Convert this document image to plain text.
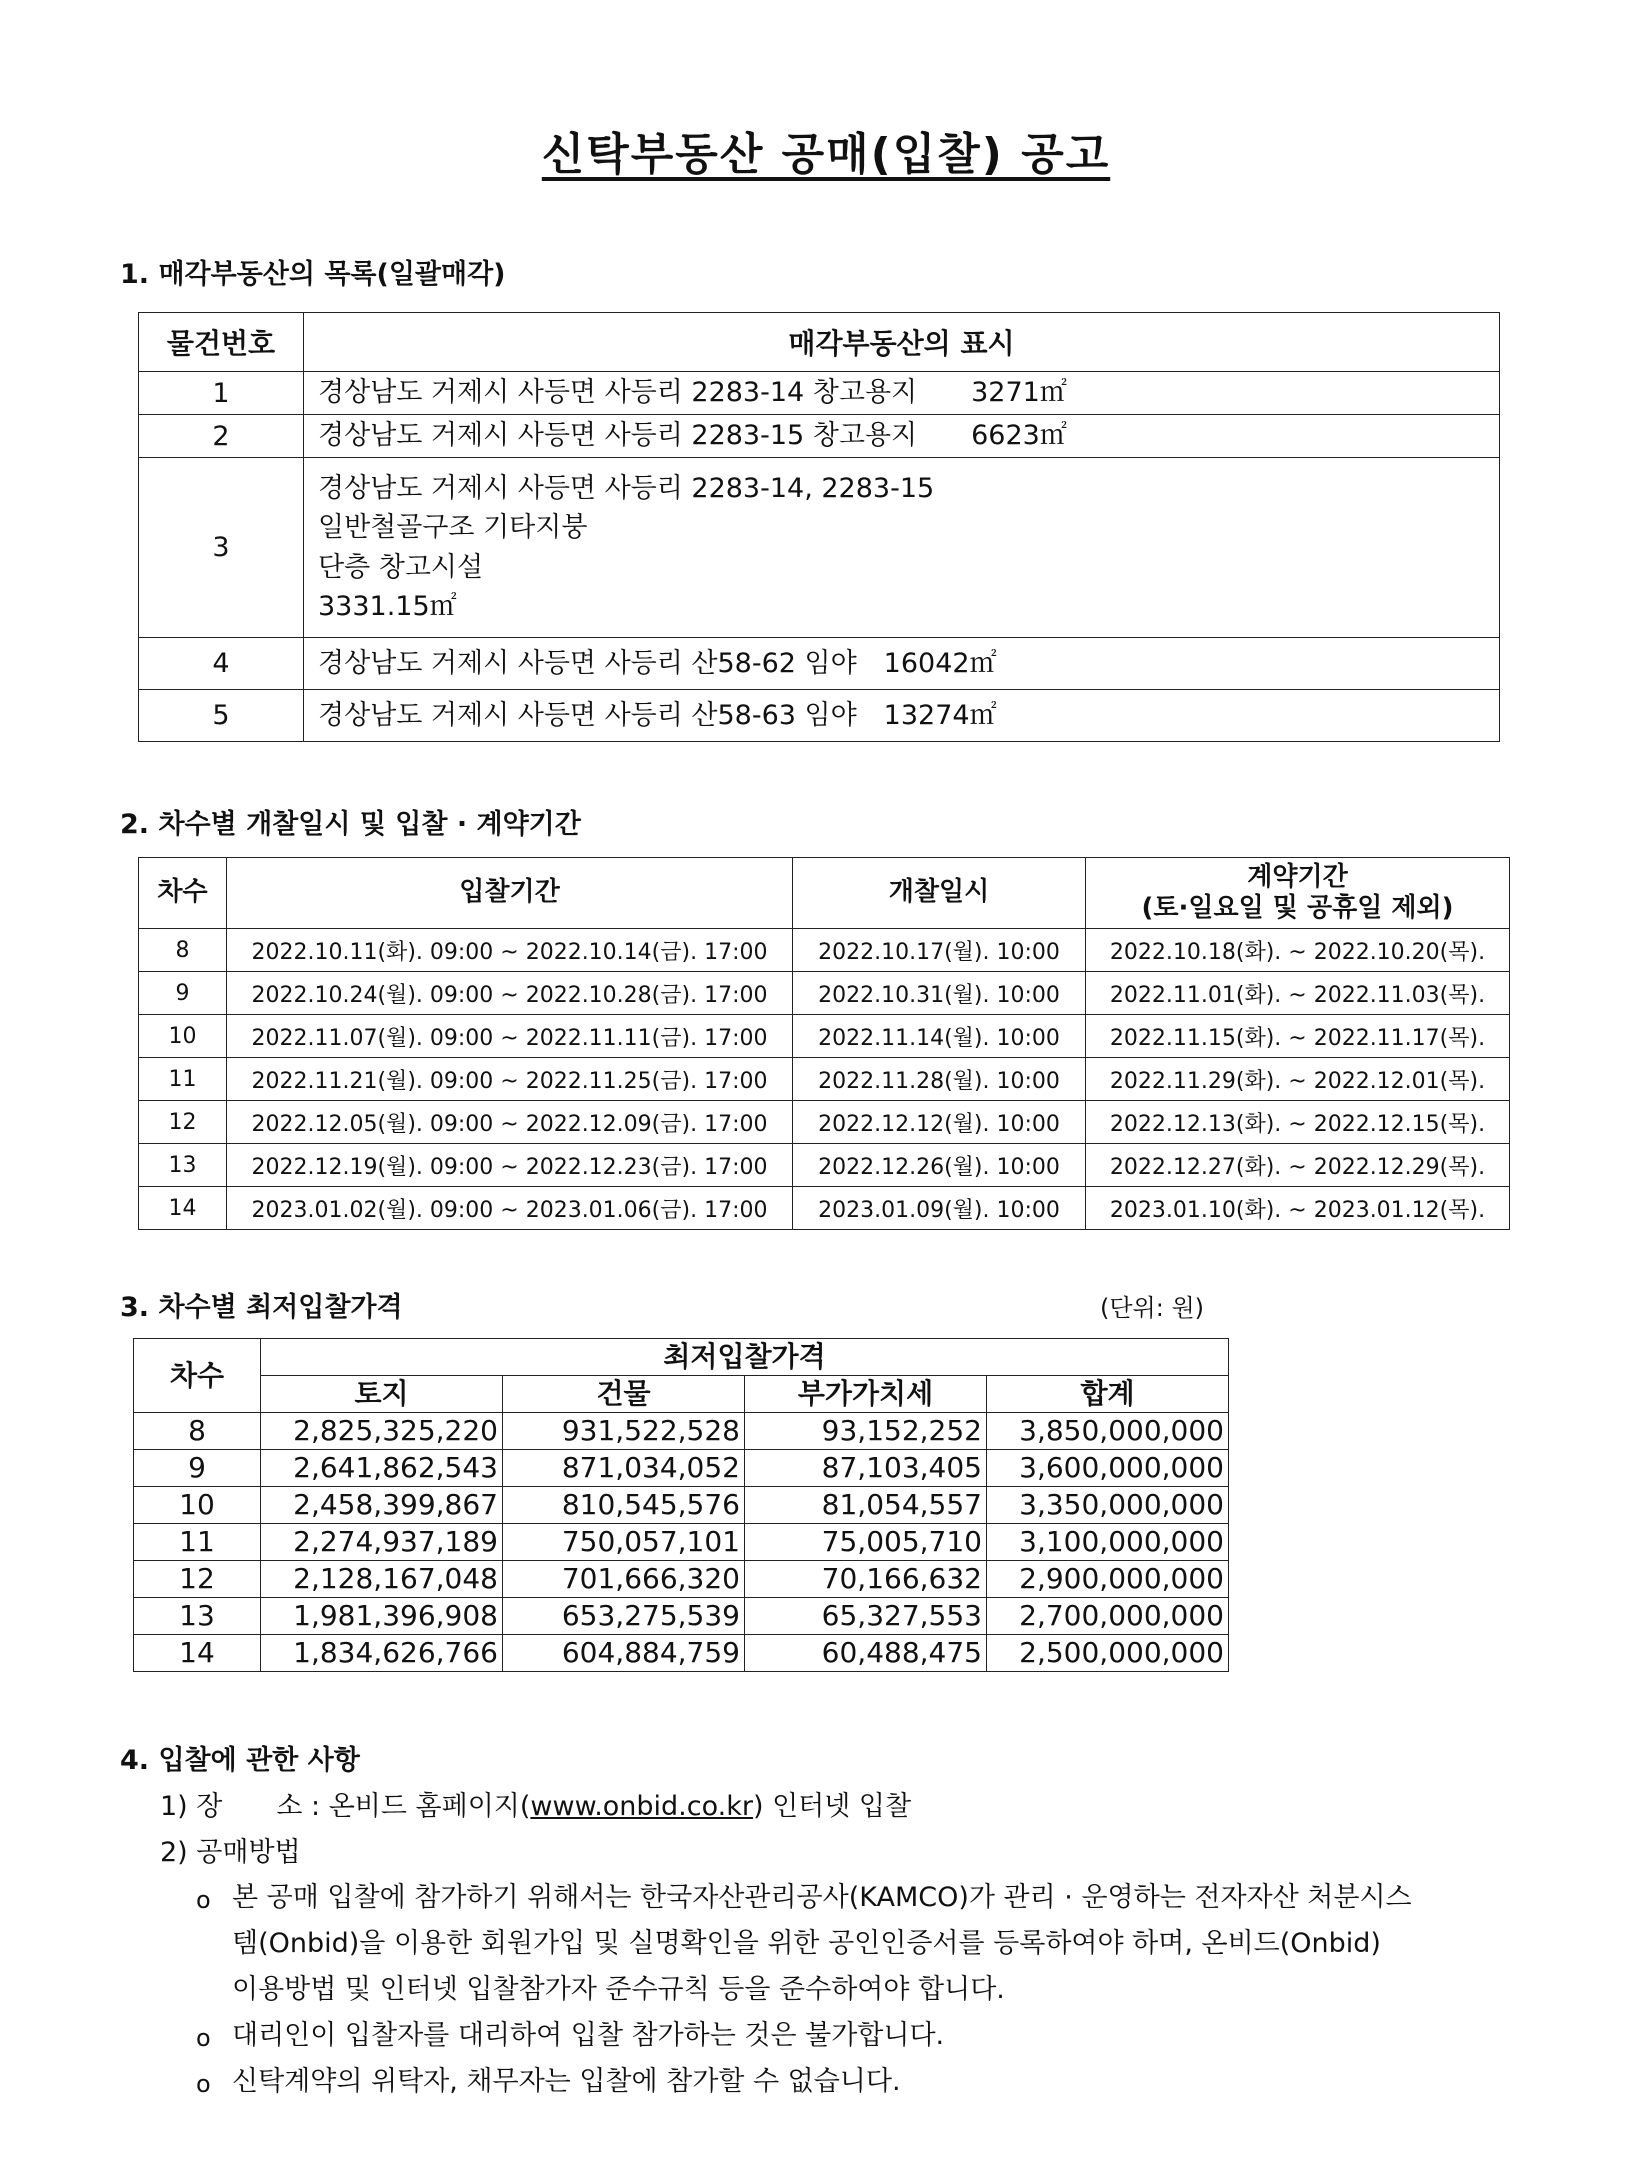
신탁부동산 공매(입찰) 공고
1. 매각부동산의 목록(일괄매각)
물건번호	매각부동산의 표시
1	경상남도 거제시 사등면 사등리 2283-14 창고용지　　3271㎡
2	경상남도 거제시 사등면 사등리 2283-15 창고용지　　6623㎡
3	경상남도 거제시 사등면 사등리 2283-14, 2283-15
일반철골구조 기타지붕
단층 창고시설
3331.15㎡
4	경상남도 거제시 사등면 사등리 산58-62 임야　16042㎡
5	경상남도 거제시 사등면 사등리 산58-63 임야　13274㎡
2. 차수별 개찰일시 및 입찰 · 계약기간
차수	입찰기간	개찰일시	계약기간
(토·일요일 및 공휴일 제외)
8	2022.10.11(화). 09:00 ~ 2022.10.14(금). 17:00	2022.10.17(월). 10:00	2022.10.18(화). ~ 2022.10.20(목).
9	2022.10.24(월). 09:00 ~ 2022.10.28(금). 17:00	2022.10.31(월). 10:00	2022.11.01(화). ~ 2022.11.03(목).
10	2022.11.07(월). 09:00 ~ 2022.11.11(금). 17:00	2022.11.14(월). 10:00	2022.11.15(화). ~ 2022.11.17(목).
11	2022.11.21(월). 09:00 ~ 2022.11.25(금). 17:00	2022.11.28(월). 10:00	2022.11.29(화). ~ 2022.12.01(목).
12	2022.12.05(월). 09:00 ~ 2022.12.09(금). 17:00	2022.12.12(월). 10:00	2022.12.13(화). ~ 2022.12.15(목).
13	2022.12.19(월). 09:00 ~ 2022.12.23(금). 17:00	2022.12.26(월). 10:00	2022.12.27(화). ~ 2022.12.29(목).
14	2023.01.02(월). 09:00 ~ 2023.01.06(금). 17:00	2023.01.09(월). 10:00	2023.01.10(화). ~ 2023.01.12(목).
3. 차수별 최저입찰가격	(단위: 원)
차수	최저입찰가격			
	토지	건물	부가가치세	합계
8	2,825,325,220	931,522,528	93,152,252	3,850,000,000
9	2,641,862,543	871,034,052	87,103,405	3,600,000,000
10	2,458,399,867	810,545,576	81,054,557	3,350,000,000
11	2,274,937,189	750,057,101	75,005,710	3,100,000,000
12	2,128,167,048	701,666,320	70,166,632	2,900,000,000
13	1,981,396,908	653,275,539	65,327,553	2,700,000,000
14	1,834,626,766	604,884,759	60,488,475	2,500,000,000
4. 입찰에 관한 사항
1) 장　　소 : 온비드 홈페이지(www.onbid.co.kr) 인터넷 입찰
2) 공매방법
o 본 공매 입찰에 참가하기 위해서는 한국자산관리공사(KAMCO)가 관리 · 운영하는 전자자산 처분시스
템(Onbid)을 이용한 회원가입 및 실명확인을 위한 공인인증서를 등록하여야 하며, 온비드(Onbid)
이용방법 및 인터넷 입찰참가자 준수규칙 등을 준수하여야 합니다.
o 대리인이 입찰자를 대리하여 입찰 참가하는 것은 불가합니다.
o 신탁계약의 위탁자, 채무자는 입찰에 참가할 수 없습니다.
